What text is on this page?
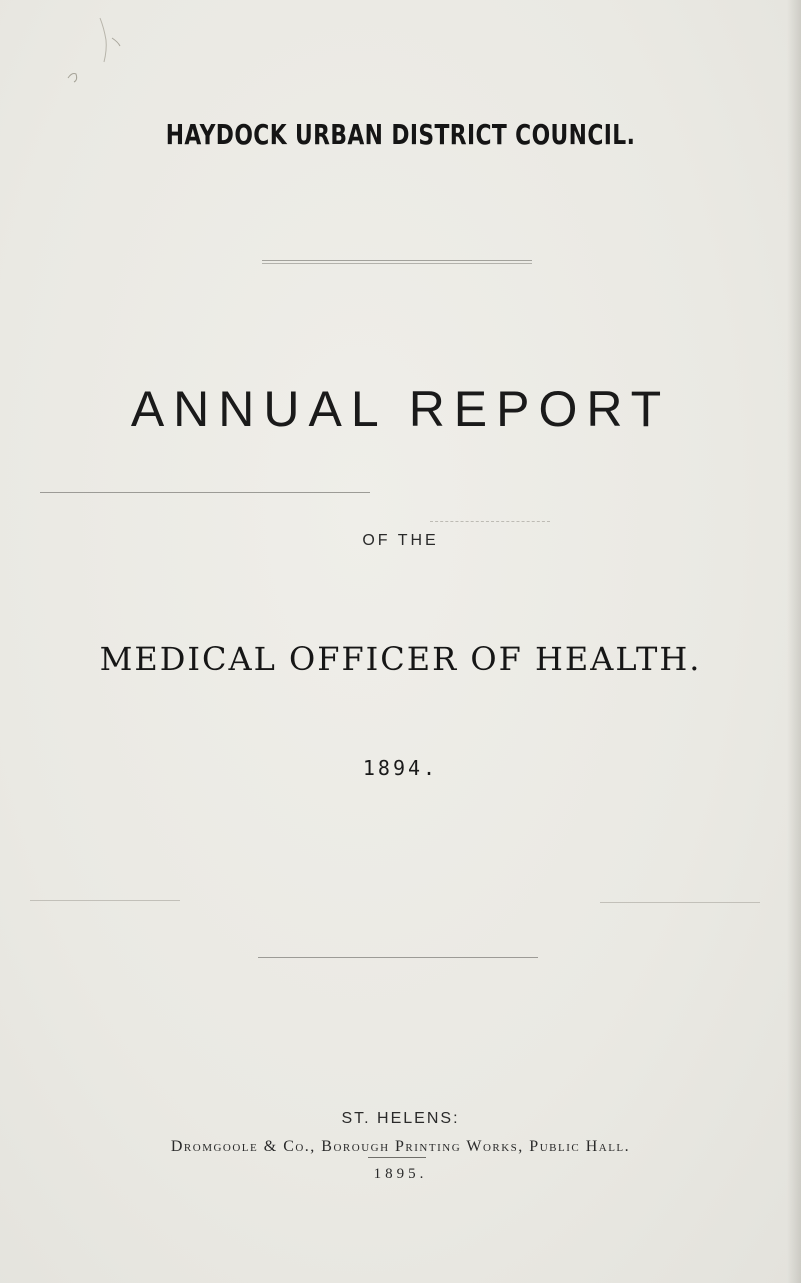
HAYDOCK URBAN DISTRICT COUNCIL.
ANNUAL REPORT
OF THE
MEDICAL OFFICER OF HEALTH.
1894.
ST. HELENS:
Dromgoole & Co., Borough Printing Works, Public Hall.
1895.
